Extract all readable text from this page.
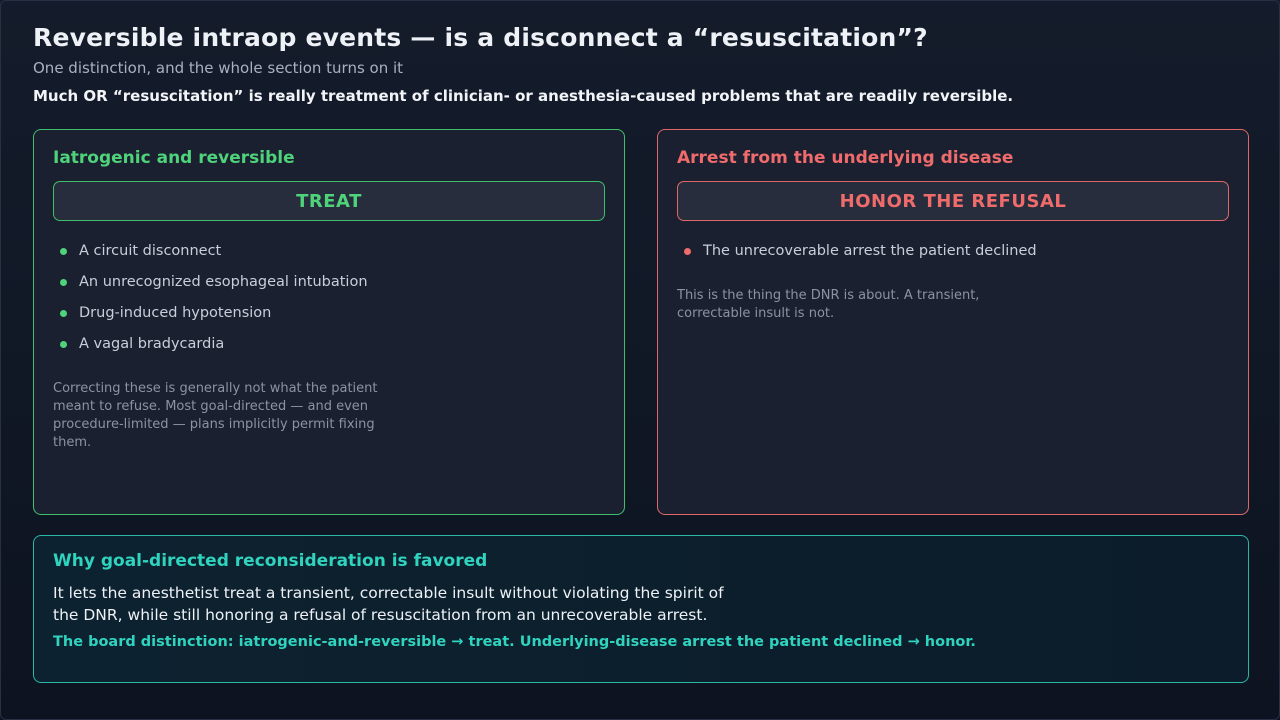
Reversible intraop events — is a disconnect a “resuscitation”?
One distinction, and the whole section turns on it
Much OR “resuscitation” is really treatment of clinician- or anesthesia-caused problems that are readily reversible.
Iatrogenic and reversible
TREAT
A circuit disconnect
An unrecognized esophageal intubation
Drug-induced hypotension
A vagal bradycardia
Correcting these is generally not what the patient meant to refuse. Most goal-directed — and even procedure-limited — plans implicitly permit fixing them.
Arrest from the underlying disease
HONOR THE REFUSAL
The unrecoverable arrest the patient declined
This is the thing the DNR is about. A transient, correctable insult is not.
Why goal-directed reconsideration is favored
It lets the anesthetist treat a transient, correctable insult without violating the spirit of the DNR, while still honoring a refusal of resuscitation from an unrecoverable arrest.
The board distinction: iatrogenic-and-reversible → treat. Underlying-disease arrest the patient declined → honor.
